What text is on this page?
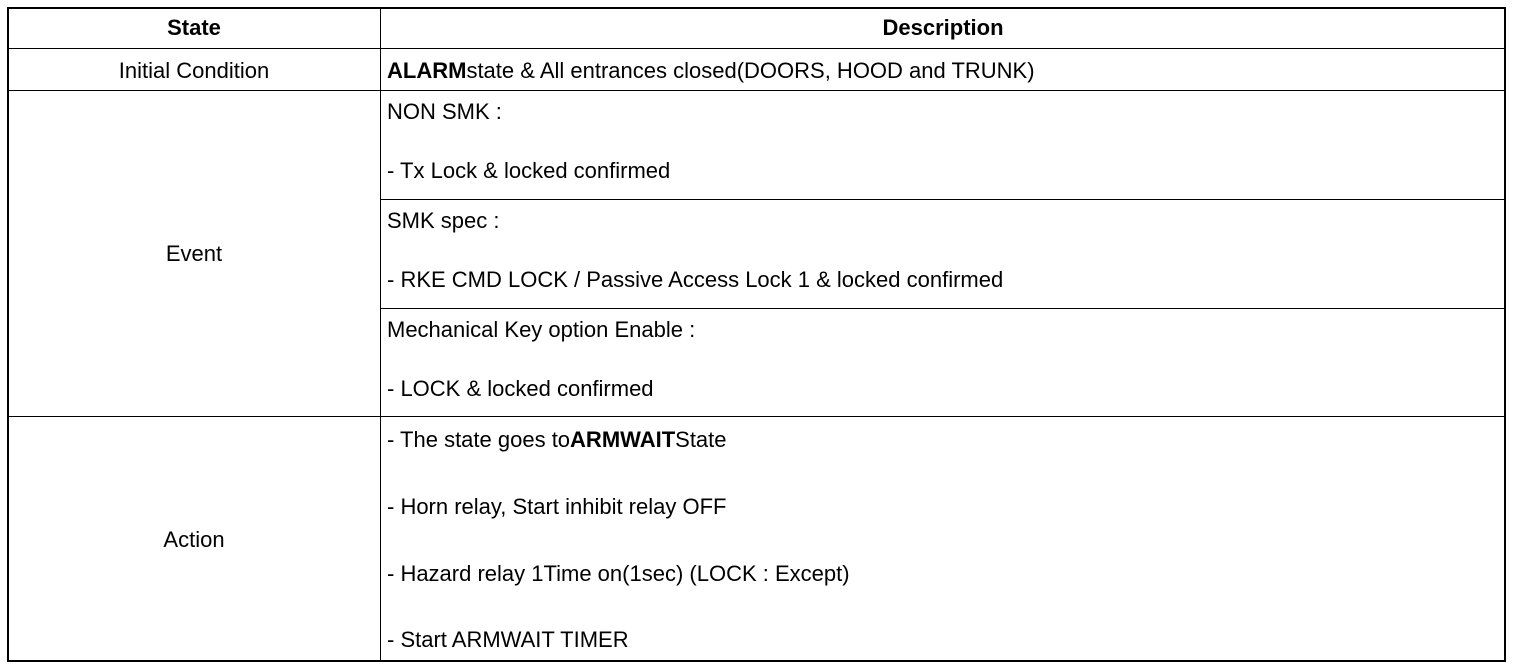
State	Description
Initial Condition	ALARMstate & All entrances closed(DOORS, HOOD and TRUNK)
Event
NON SMK :
- Tx Lock & locked confirmed
SMK spec :
- RKE CMD LOCK / Passive Access Lock 1 & locked confirmed
Mechanical Key option Enable :
- LOCK & locked confirmed
Action
- The state goes toARMWAITState
- Horn relay, Start inhibit relay OFF
- Hazard relay 1Time on(1sec) (LOCK : Except)
- Start ARMWAIT TIMER
